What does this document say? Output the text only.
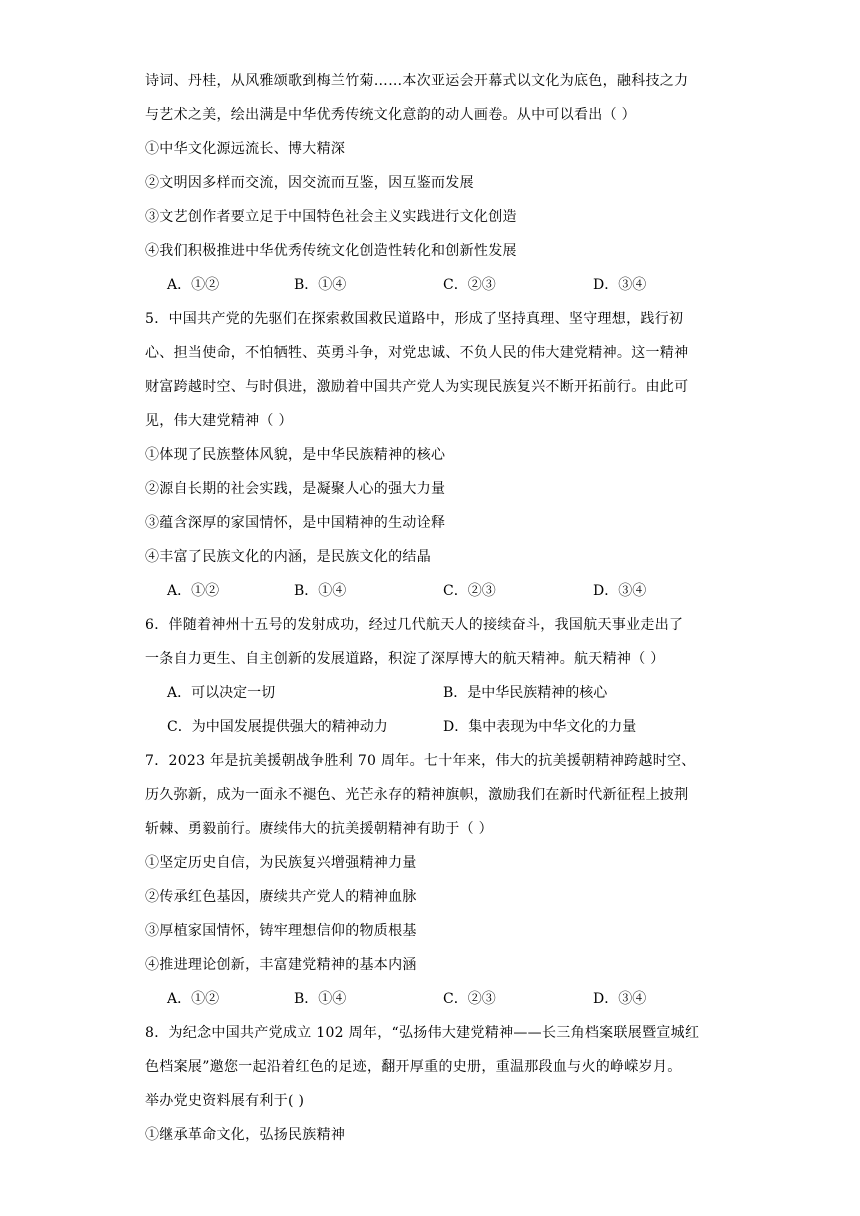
诗词、丹桂，从风雅颂歌到梅兰竹菊……本次亚运会开幕式以文化为底色，融科技之力
与艺术之美，绘出满是中华优秀传统文化意韵的动人画卷。从中可以看出（ ）
①中华文化源远流长、博大精深
②文明因多样而交流，因交流而互鉴，因互鉴而发展
③文艺创作者要立足于中国特色社会主义实践进行文化创造
④我们积极推进中华优秀传统文化创造性转化和创新性发展
A．①②	B．①④	C．②③	D．③④
5．中国共产党的先驱们在探索救国救民道路中，形成了坚持真理、坚守理想，践行初
心、担当使命，不怕牺牲、英勇斗争，对党忠诚、不负人民的伟大建党精神。这一精神
财富跨越时空、与时俱进，激励着中国共产党人为实现民族复兴不断开拓前行。由此可
见，伟大建党精神（ ）
①体现了民族整体风貌，是中华民族精神的核心
②源自长期的社会实践，是凝聚人心的强大力量
③蕴含深厚的家国情怀，是中国精神的生动诠释
④丰富了民族文化的内涵，是民族文化的结晶
A．①②	B．①④	C．②③	D．③④
6．伴随着神州十五号的发射成功，经过几代航天人的接续奋斗，我国航天事业走出了
一条自力更生、自主创新的发展道路，积淀了深厚博大的航天精神。航天精神（ ）
A．可以决定一切	B．是中华民族精神的核心
C．为中国发展提供强大的精神动力	D．集中表现为中华文化的力量
7．2023 年是抗美援朝战争胜利 70 周年。七十年来，伟大的抗美援朝精神跨越时空、
历久弥新，成为一面永不褪色、光芒永存的精神旗帜，激励我们在新时代新征程上披荆
斩棘、勇毅前行。赓续伟大的抗美援朝精神有助于（ ）
①坚定历史自信，为民族复兴增强精神力量
②传承红色基因，赓续共产党人的精神血脉
③厚植家国情怀，铸牢理想信仰的物质根基
④推进理论创新，丰富建党精神的基本内涵
A．①②	B．①④	C．②③	D．③④
8．为纪念中国共产党成立 102 周年，“弘扬伟大建党精神——长三角档案联展暨宣城红
色档案展”邀您一起沿着红色的足迹，翻开厚重的史册，重温那段血与火的峥嵘岁月。
举办党史资料展有利于( )
①继承革命文化，弘扬民族精神
